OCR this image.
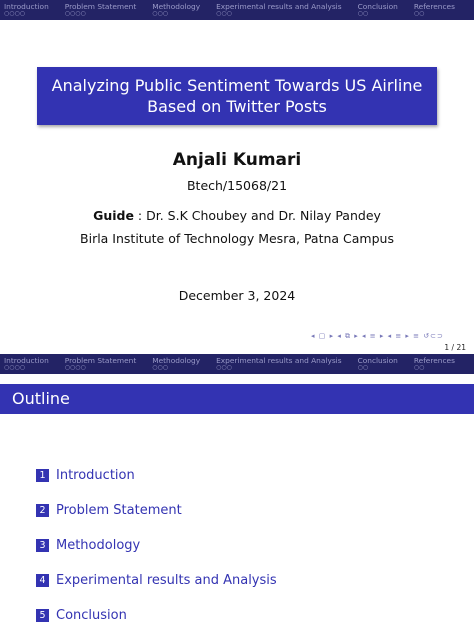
Introduction
○○○○
Problem Statement
○○○○
Methodology
○○○
Experimental results and Analysis
○○○
Conclusion
○○
References
○○
Analyzing Public Sentiment Towards US Airline
Based on Twitter Posts
Anjali Kumari
Btech/15068/21
Guide : Dr. S.K Choubey and Dr. Nilay Pandey
Birla Institute of Technology Mesra, Patna Campus
December 3, 2024
◂ ▢ ▸ ◂ ⧉ ▸ ◂ ≡ ▸ ◂ ≡ ▸ ≡ ↺⊂⊃
1 / 21
Introduction
○○○○
Problem Statement
○○○○
Methodology
○○○
Experimental results and Analysis
○○○
Conclusion
○○
References
○○
Outline
1 Introduction
2 Problem Statement
3 Methodology
4 Experimental results and Analysis
5 Conclusion
